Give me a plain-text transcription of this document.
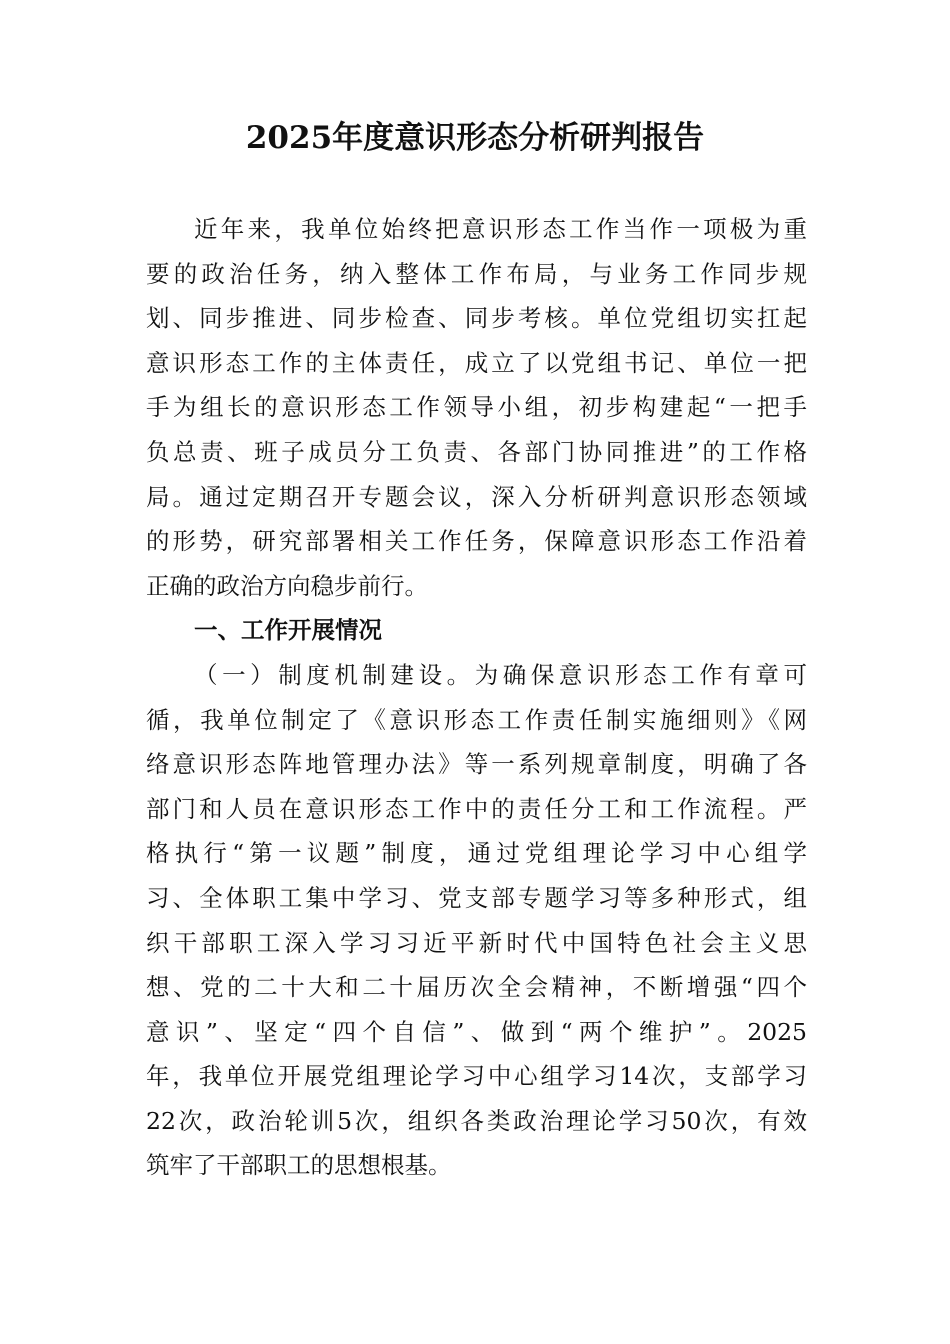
2025年度意识形态分析研判报告
近年来，我单位始终把意识形态工作当作一项极为重
要的政治任务，纳入整体工作布局，与业务工作同步规
划、同步推进、同步检查、同步考核。单位党组切实扛起
意识形态工作的主体责任，成立了以党组书记、单位一把
手为组长的意识形态工作领导小组，初步构建起“一把手
负总责、班子成员分工负责、各部门协同推进”的工作格
局。通过定期召开专题会议，深入分析研判意识形态领域
的形势，研究部署相关工作任务，保障意识形态工作沿着
正确的政治方向稳步前行。
一、工作开展情况
（一）制度机制建设。为确保意识形态工作有章可
循，我单位制定了《意识形态工作责任制实施细则》《网
络意识形态阵地管理办法》等一系列规章制度，明确了各
部门和人员在意识形态工作中的责任分工和工作流程。严
格执行“第一议题”制度，通过党组理论学习中心组学
习、全体职工集中学习、党支部专题学习等多种形式，组
织干部职工深入学习习近平新时代中国特色社会主义思
想、党的二十大和二十届历次全会精神，不断增强“四个
意识”、坚定“四个自信”、做到“两个维护”。2025
年，我单位开展党组理论学习中心组学习14次，支部学习
22次，政治轮训5次，组织各类政治理论学习50次，有效
筑牢了干部职工的思想根基。
